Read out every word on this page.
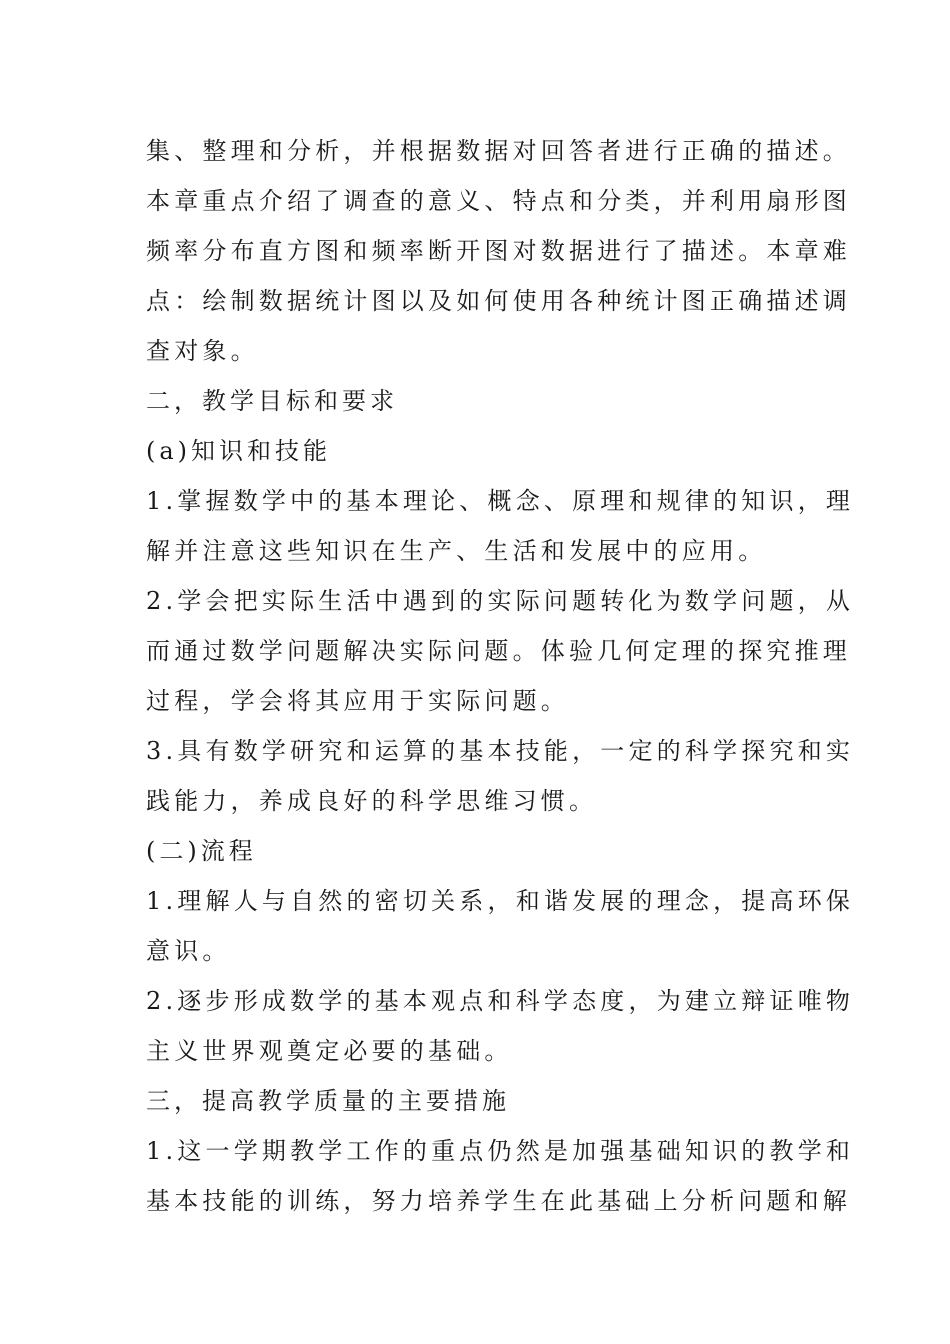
集、整理和分析，并根据数据对回答者进行正确的描述。
本章重点介绍了调查的意义、特点和分类，并利用扇形图
频率分布直方图和频率断开图对数据进行了描述。本章难
点：绘制数据统计图以及如何使用各种统计图正确描述调
查对象。
二，教学目标和要求
(a)知识和技能
1.掌握数学中的基本理论、概念、原理和规律的知识，理
解并注意这些知识在生产、生活和发展中的应用。
2.学会把实际生活中遇到的实际问题转化为数学问题，从
而通过数学问题解决实际问题。体验几何定理的探究推理
过程，学会将其应用于实际问题。
3.具有数学研究和运算的基本技能，一定的科学探究和实
践能力，养成良好的科学思维习惯。
(二)流程
1.理解人与自然的密切关系，和谐发展的理念，提高环保
意识。
2.逐步形成数学的基本观点和科学态度，为建立辩证唯物
主义世界观奠定必要的基础。
三，提高教学质量的主要措施
1.这一学期教学工作的重点仍然是加强基础知识的教学和
基本技能的训练，努力培养学生在此基础上分析问题和解
